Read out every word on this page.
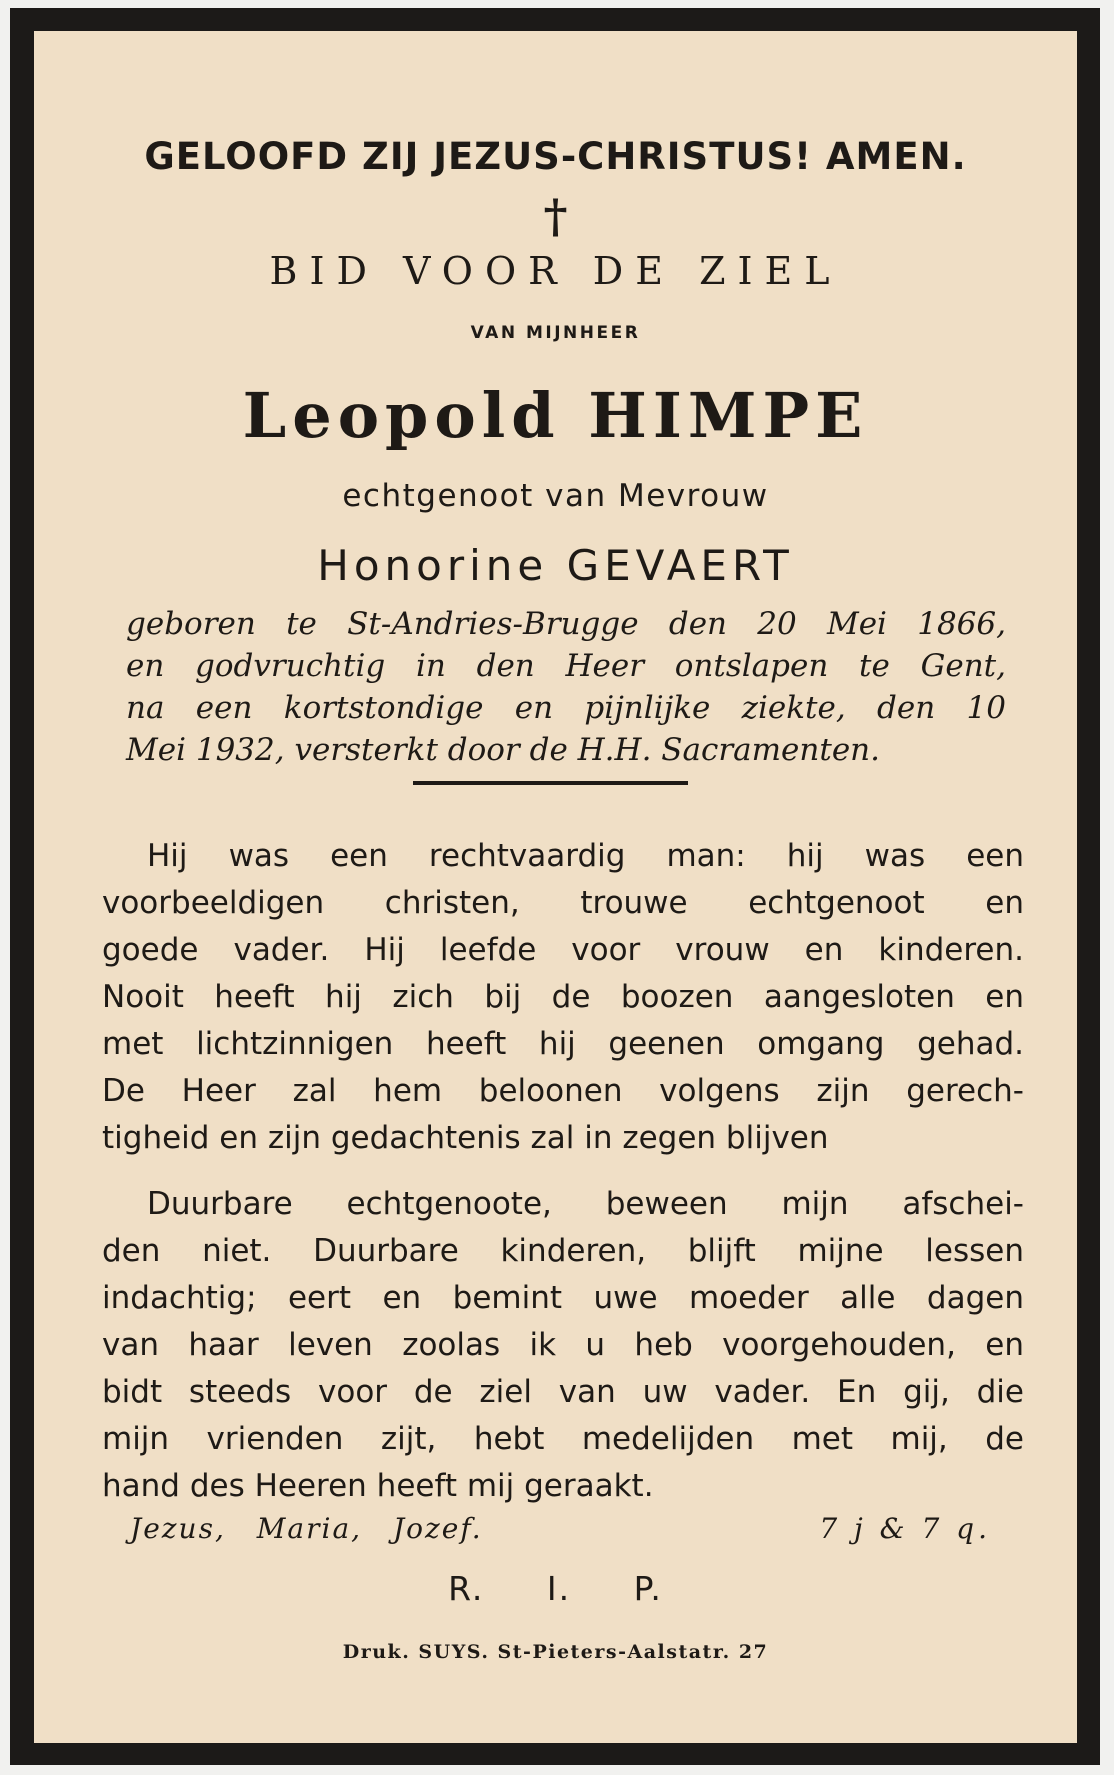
GELOOFD ZIJ JEZUS-CHRISTUS! AMEN.
†
BID VOOR DE ZIEL
VAN MIJNHEER
Leopold HIMPE
echtgenoot van Mevrouw
Honorine GEVAERT
geboren te St-Andries-Brugge den 20 Mei 1866,
en godvruchtig in den Heer ontslapen te Gent,
na een kortstondige en pijnlijke ziekte, den 10
Mei 1932, versterkt door de H.H. Sacramenten.
Hij was een rechtvaardig man: hij was een
voorbeeldigen christen, trouwe echtgenoot en
goede vader. Hij leefde voor vrouw en kinderen.
Nooit heeft hij zich bij de boozen aangesloten en
met lichtzinnigen heeft hij geenen omgang gehad.
De Heer zal hem beloonen volgens zijn gerech-
tigheid en zijn gedachtenis zal in zegen blijven
Duurbare echtgenoote, beween mijn afschei-
den niet. Duurbare kinderen, blijft mijne lessen
indachtig; eert en bemint uwe moeder alle dagen
van haar leven zoolas ik u heb voorgehouden, en
bidt steeds voor de ziel van uw vader. En gij, die
mijn vrienden zijt, hebt medelijden met mij, de
hand des Heeren heeft mij geraakt.
Jezus, Maria, Jozef.	7 j & 7 q.
R. I. P.
Druk. SUYS. St-Pieters-Aalstatr. 27
